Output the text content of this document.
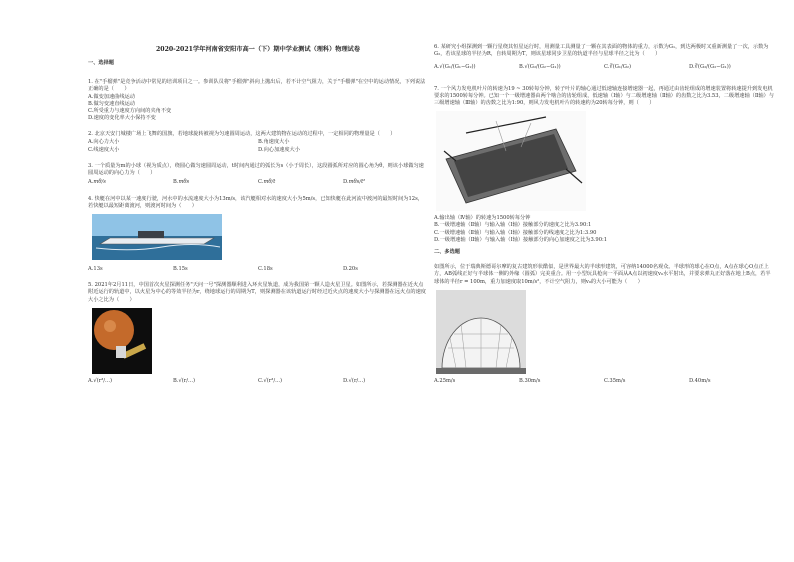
2020-2021学年河南省安阳市高一（下）期中学业测试（理科）物理试卷

一、选择题

1. 在"手榴弹"是竞争活动中常见的培训项目之一。参训队员将"手榴弹"斜向上抛出后，若不计空气阻力，关于"手榴弹"在空中的运动情况，下列说法正确的是（　　）

A.做变加速曲线运动

B.做匀变速直线运动

C.所受重力与速度方向间的夹角不变

D.速度的变化率大小保持不变

2. 北京天安门城楼广场上飞舞的国旗，若地球旋转被视为匀速圆周运动，这两大建筑物在运动的过程中，一定相同的物理量是（　　）

A.向心力大小	B.角速度大小
C.线速度大小	D.向心加速度大小

3. 一个质量为m的小球（视为质点），绕圆心做匀速圆周运动，t时间内通过的弧长为s（小于周长），这段圆弧所对应的圆心角为θ，则该小球做匀速圆周运动的向心力为（　　）

A.mθ/s	B.mθs	C.mθ/t	D.mθs/t²

4. 快艇在河中以某一速度行驶，河水中的水流速度大小为13m/s，该汽艇相对水的速度大小为5m/s，已知快艇在此河流中渡河的最短时间为12s，若快艇以最短距离渡河，则渡河时间为（　　）

A.13s	B.15s	C.18s	D.20s

5. 2021年2月11日，中国首次火星探测任务"天问一号"探测器顺利进入环火星轨道，成为我国第一颗人造火星卫星。如图所示，若探测器在近火点附近运行的轨道中，以火星为中心的等效半径为r，绕地球运行的周期为T，则探测器在该轨道运行时经过近火点的速度大小与探测器在远火点的速度大小之比为（　　）

A.√(r³/...)	B.√(r/...)	C.√(r³/...)	D.√(r/...)

6. 某研究小组探测到一颗行星绕其恒星运行时，用测量工具测量了一颗在其表面的物体的重力，示数为G₁，到达两极时又重新测量了一次，示数为G₂，若该星球的半径为R，自转周期为T，则该星球同步卫星的轨道半径与星球半径之比为（　　）

A.√(G₁/(G₁−G₂))	B.√(G₂/(G₂−G₁))	C.∛(G₁/G₂)	D.∛(G₂/(G₂−G₁))

7. 一个风力发电机叶片的转速为19 ~ 30转每分钟，转子叶片的轴心通过低速轴连接增速器一起，再通过由齿轮组成的增速装置将转速提升到发电机要求的1500转每分钟。已知一个一级增速器由两个啮合的齿轮组成，低速轴（Ⅰ轴）与二级增速轴（Ⅱ轴）的齿数之比为3.53，二级增速轴（Ⅱ轴）与三级增速轴（Ⅲ轴）的齿数之比为1:90，则风力发电机叶片的转速约为20转每分钟，则（　　）

A.输出轴（Ⅳ轴）的转速为1500转每分钟

B.一级增速轴（Ⅱ轴）与输入轴（Ⅰ轴）接触部分的速度之比为3.90:1

C.一级增速轴（Ⅱ轴）与输入轴（Ⅰ轴）接触部分的线速度之比为1:3.90

D.一级增速轴（Ⅱ轴）与输入轴（Ⅰ轴）接触部分的向心加速度之比为3.90:1

二、多选题

如图所示，位于瑞典斯德哥尔摩的复古建筑形状酷似，是世界最大的半球形建筑，可容纳14000名观众。半球形的球心在O点，A点在球心O点正上方，AB弧线正好与半球体一侧的外缘（圆弧）完美重合。用一小型玩具枪向一平面从A点以初速度v₀水平射出，并要求弹丸正好落在地上B点，若半球体的半径r = 100m，重力加速度取10m/s²，不计空气阻力，则v₀的大小可能为（　　）

A.25m/s	B.30m/s	C.35m/s	D.40m/s
